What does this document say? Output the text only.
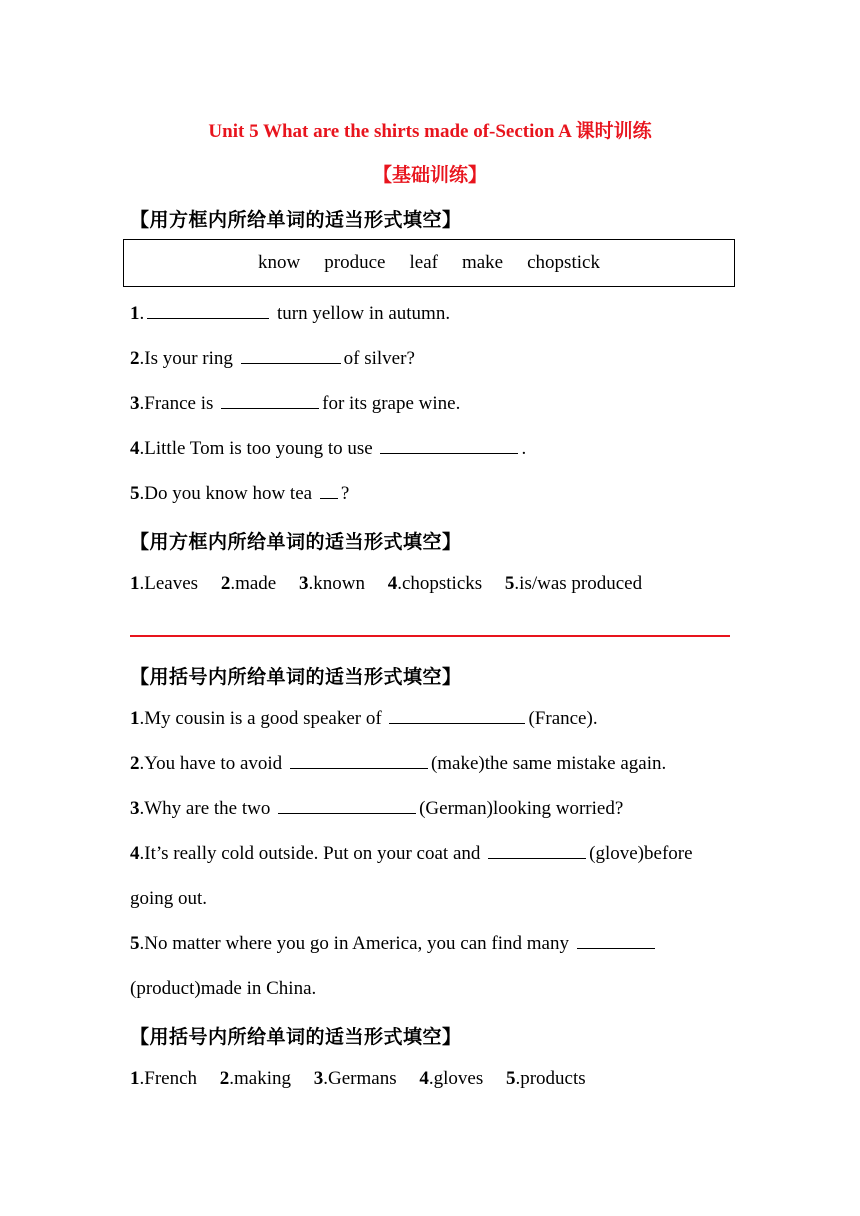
Unit 5 What are the shirts made of-Section A 课时训练
【基础训练】
【用方框内所给单词的适当形式填空】
know produce leaf make chopstick
1.	turn yellow in autumn.
2.Is your ring	of silver?
3.France is	for its grape wine.
4.Little Tom is too young to use	.
5.Do you know how tea ?
【用方框内所给单词的适当形式填空】
1.Leaves 2.made 3.known 4.chopsticks 5.is/was produced
【用括号内所给单词的适当形式填空】
1.My cousin is a good speaker of	(France).
2.You have to avoid	(make)the same mistake again.
3.Why are the two	(German)looking worried?
4.It’s really cold outside. Put on your coat and	(glove)before
going out.
5.No matter where you go in America, you can find many
(product)made in China.
【用括号内所给单词的适当形式填空】
1.French 2.making 3.Germans 4.gloves 5.products
